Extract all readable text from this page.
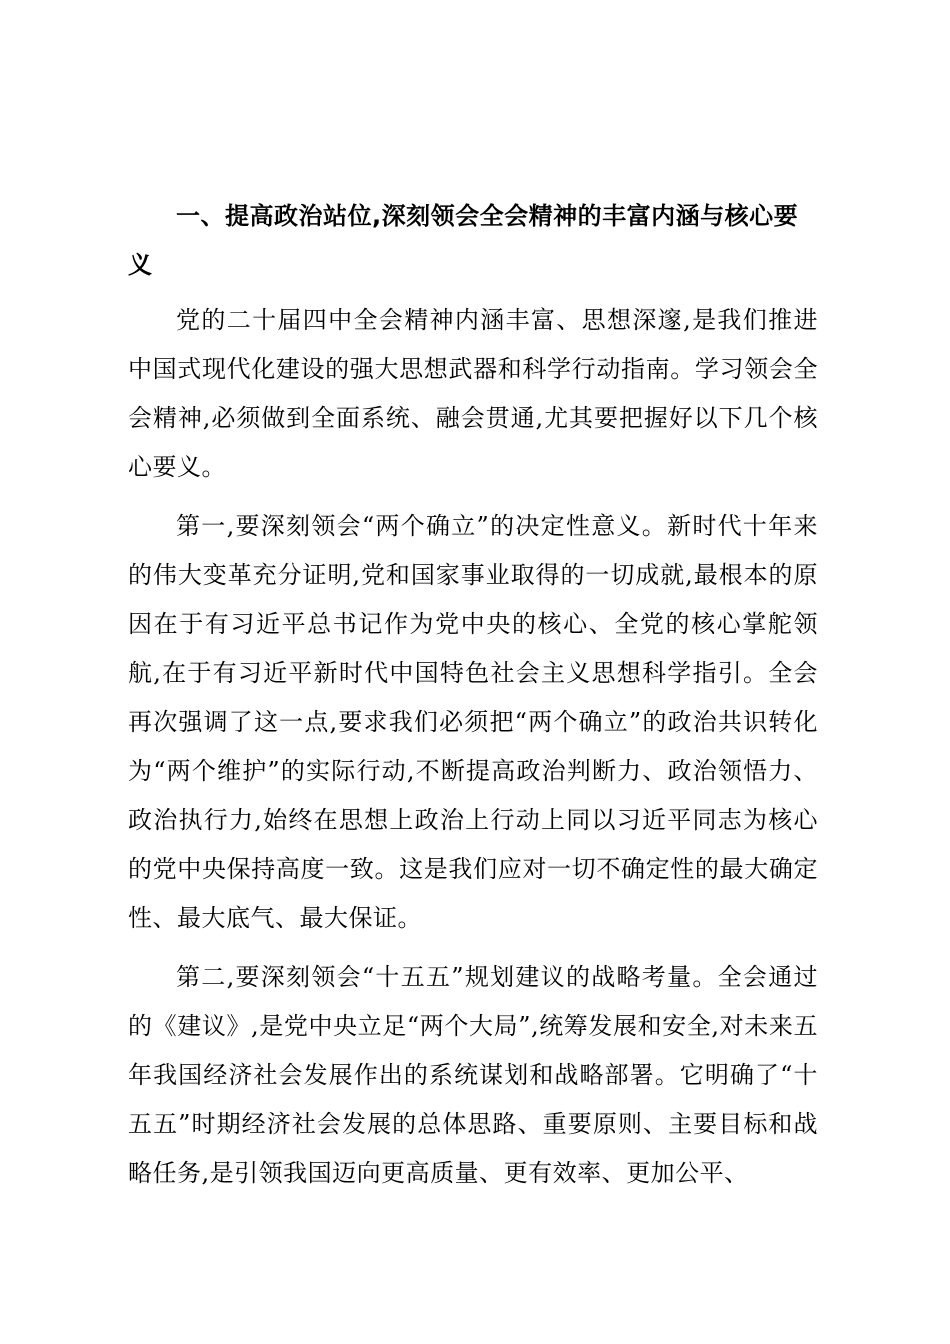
一、提高政治站位,深刻领会全会精神的丰富内涵与核心要义

党的二十届四中全会精神内涵丰富、思想深邃,是我们推进中国式现代化建设的强大思想武器和科学行动指南。学习领会全会精神,必须做到全面系统、融会贯通,尤其要把握好以下几个核心要义。

第一,要深刻领会“两个确立”的决定性意义。新时代十年来的伟大变革充分证明,党和国家事业取得的一切成就,最根本的原因在于有习近平总书记作为党中央的核心、全党的核心掌舵领航,在于有习近平新时代中国特色社会主义思想科学指引。全会再次强调了这一点,要求我们必须把“两个确立”的政治共识转化为“两个维护”的实际行动,不断提高政治判断力、政治领悟力、政治执行力,始终在思想上政治上行动上同以习近平同志为核心的党中央保持高度一致。这是我们应对一切不确定性的最大确定性、最大底气、最大保证。

第二,要深刻领会“十五五”规划建议的战略考量。全会通过的《建议》,是党中央立足“两个大局”,统筹发展和安全,对未来五年我国经济社会发展作出的系统谋划和战略部署。它明确了“十五五”时期经济社会发展的总体思路、重要原则、主要目标和战略任务,是引领我国迈向更高质量、更有效率、更加公平、
